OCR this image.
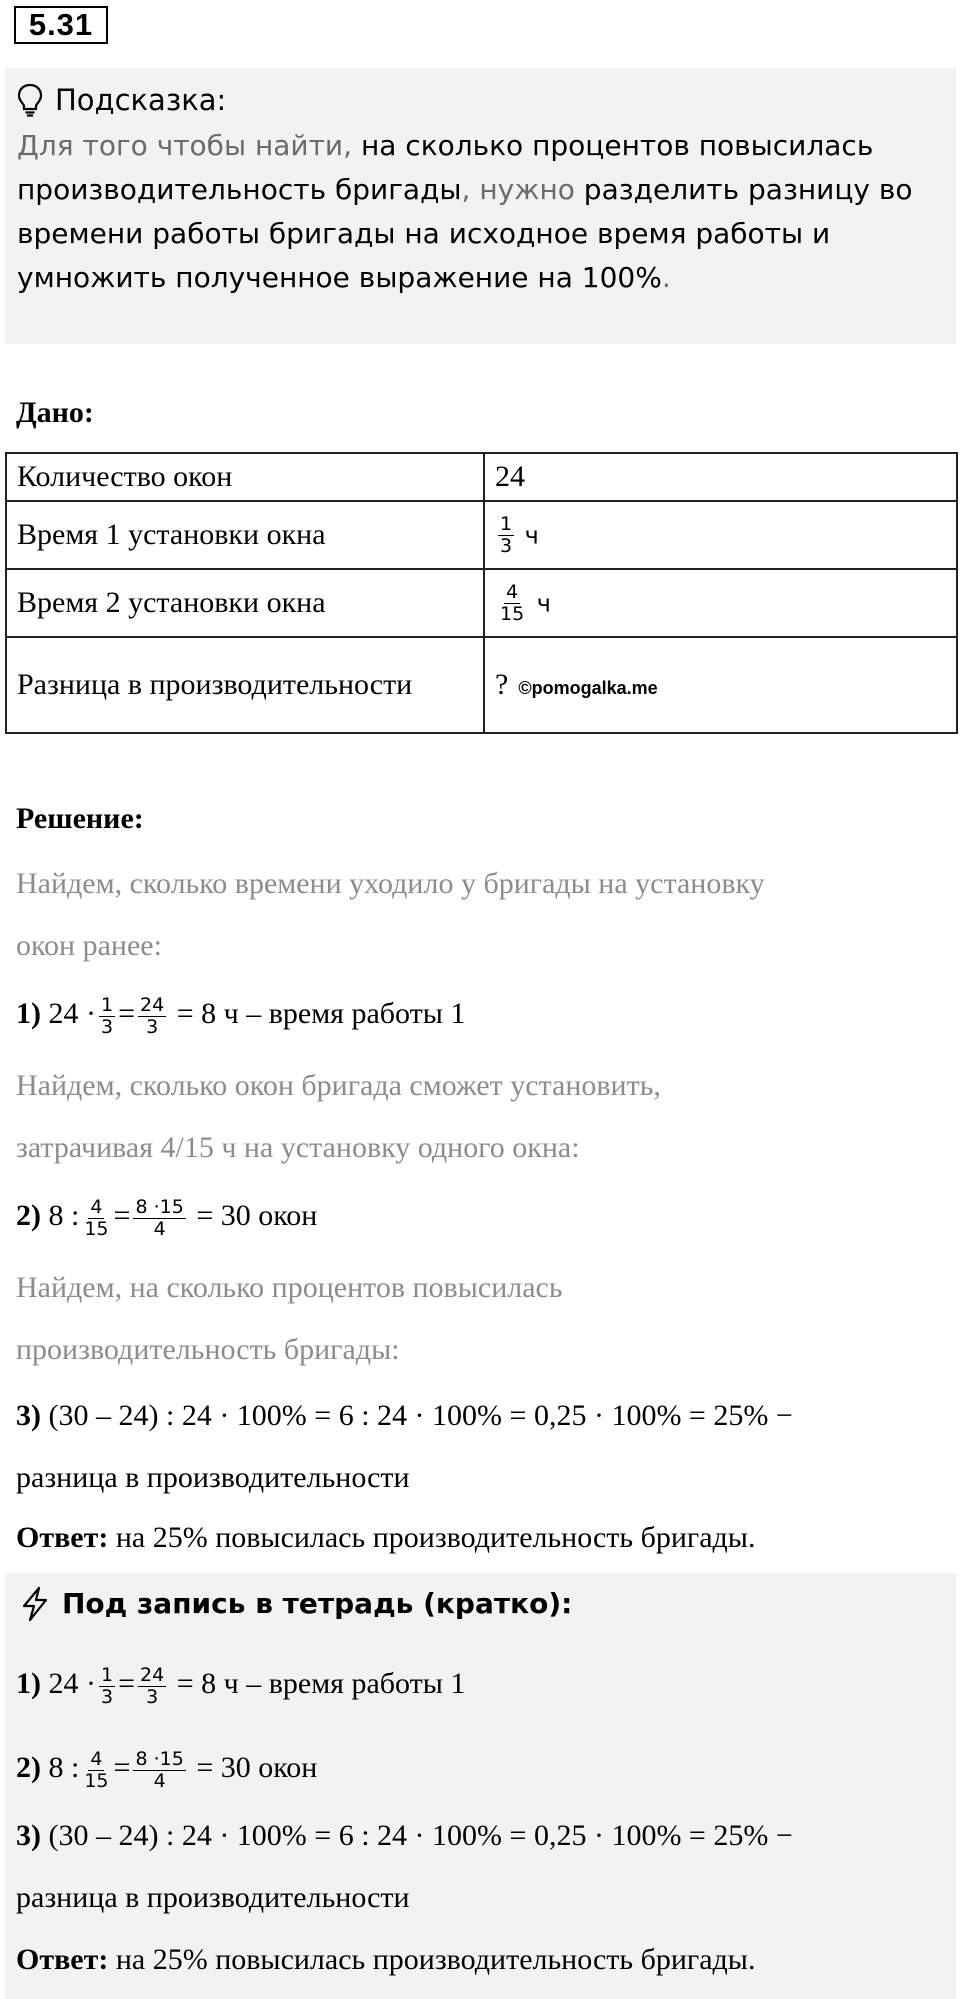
5.31
Подсказка:
Для того чтобы найти, на сколько процентов повысилась производительность бригады, нужно разделить разницу во времени работы бригады на исходное время работы и умножить полученное выражение на 100%.
Дано:
Количество окон	24
Время 1 установки окна	$\frac{1}{3}$ ч
Время 2 установки окна	$\frac{4}{15}$ ч
Разница в производительности	? ©pomogalka.me
Решение:
Найдем, сколько времени уходило у бригады на установку
окон ранее:
1) $24 \cdot \frac{1}{3} = \frac{24}{3} = 8$ ч – время работы 1
Найдем, сколько окон бригада сможет установить,
затрачивая 4/15 ч на установку одного окна:
2) 8 : $\frac{4}{15} = \frac{8 \cdot 15}{4} = 30$ окон
Найдем, на сколько процентов повысилась
производительность бригады:
3) (30 – 24) : 24 · 100% = 6 : 24 · 100% = 0,25 · 100% = 25% −
разница в производительности
Ответ: на 25% повысилась производительность бригады.
Под запись в тетрадь (кратко):
1) $24 \cdot \frac{1}{3} = \frac{24}{3} = 8$ ч – время работы 1
2) 8 : $\frac{4}{15} = \frac{8 \cdot 15}{4} = 30$ окон
3) (30 – 24) : 24 · 100% = 6 : 24 · 100% = 0,25 · 100% = 25% −
разница в производительности
Ответ: на 25% повысилась производительность бригады.
